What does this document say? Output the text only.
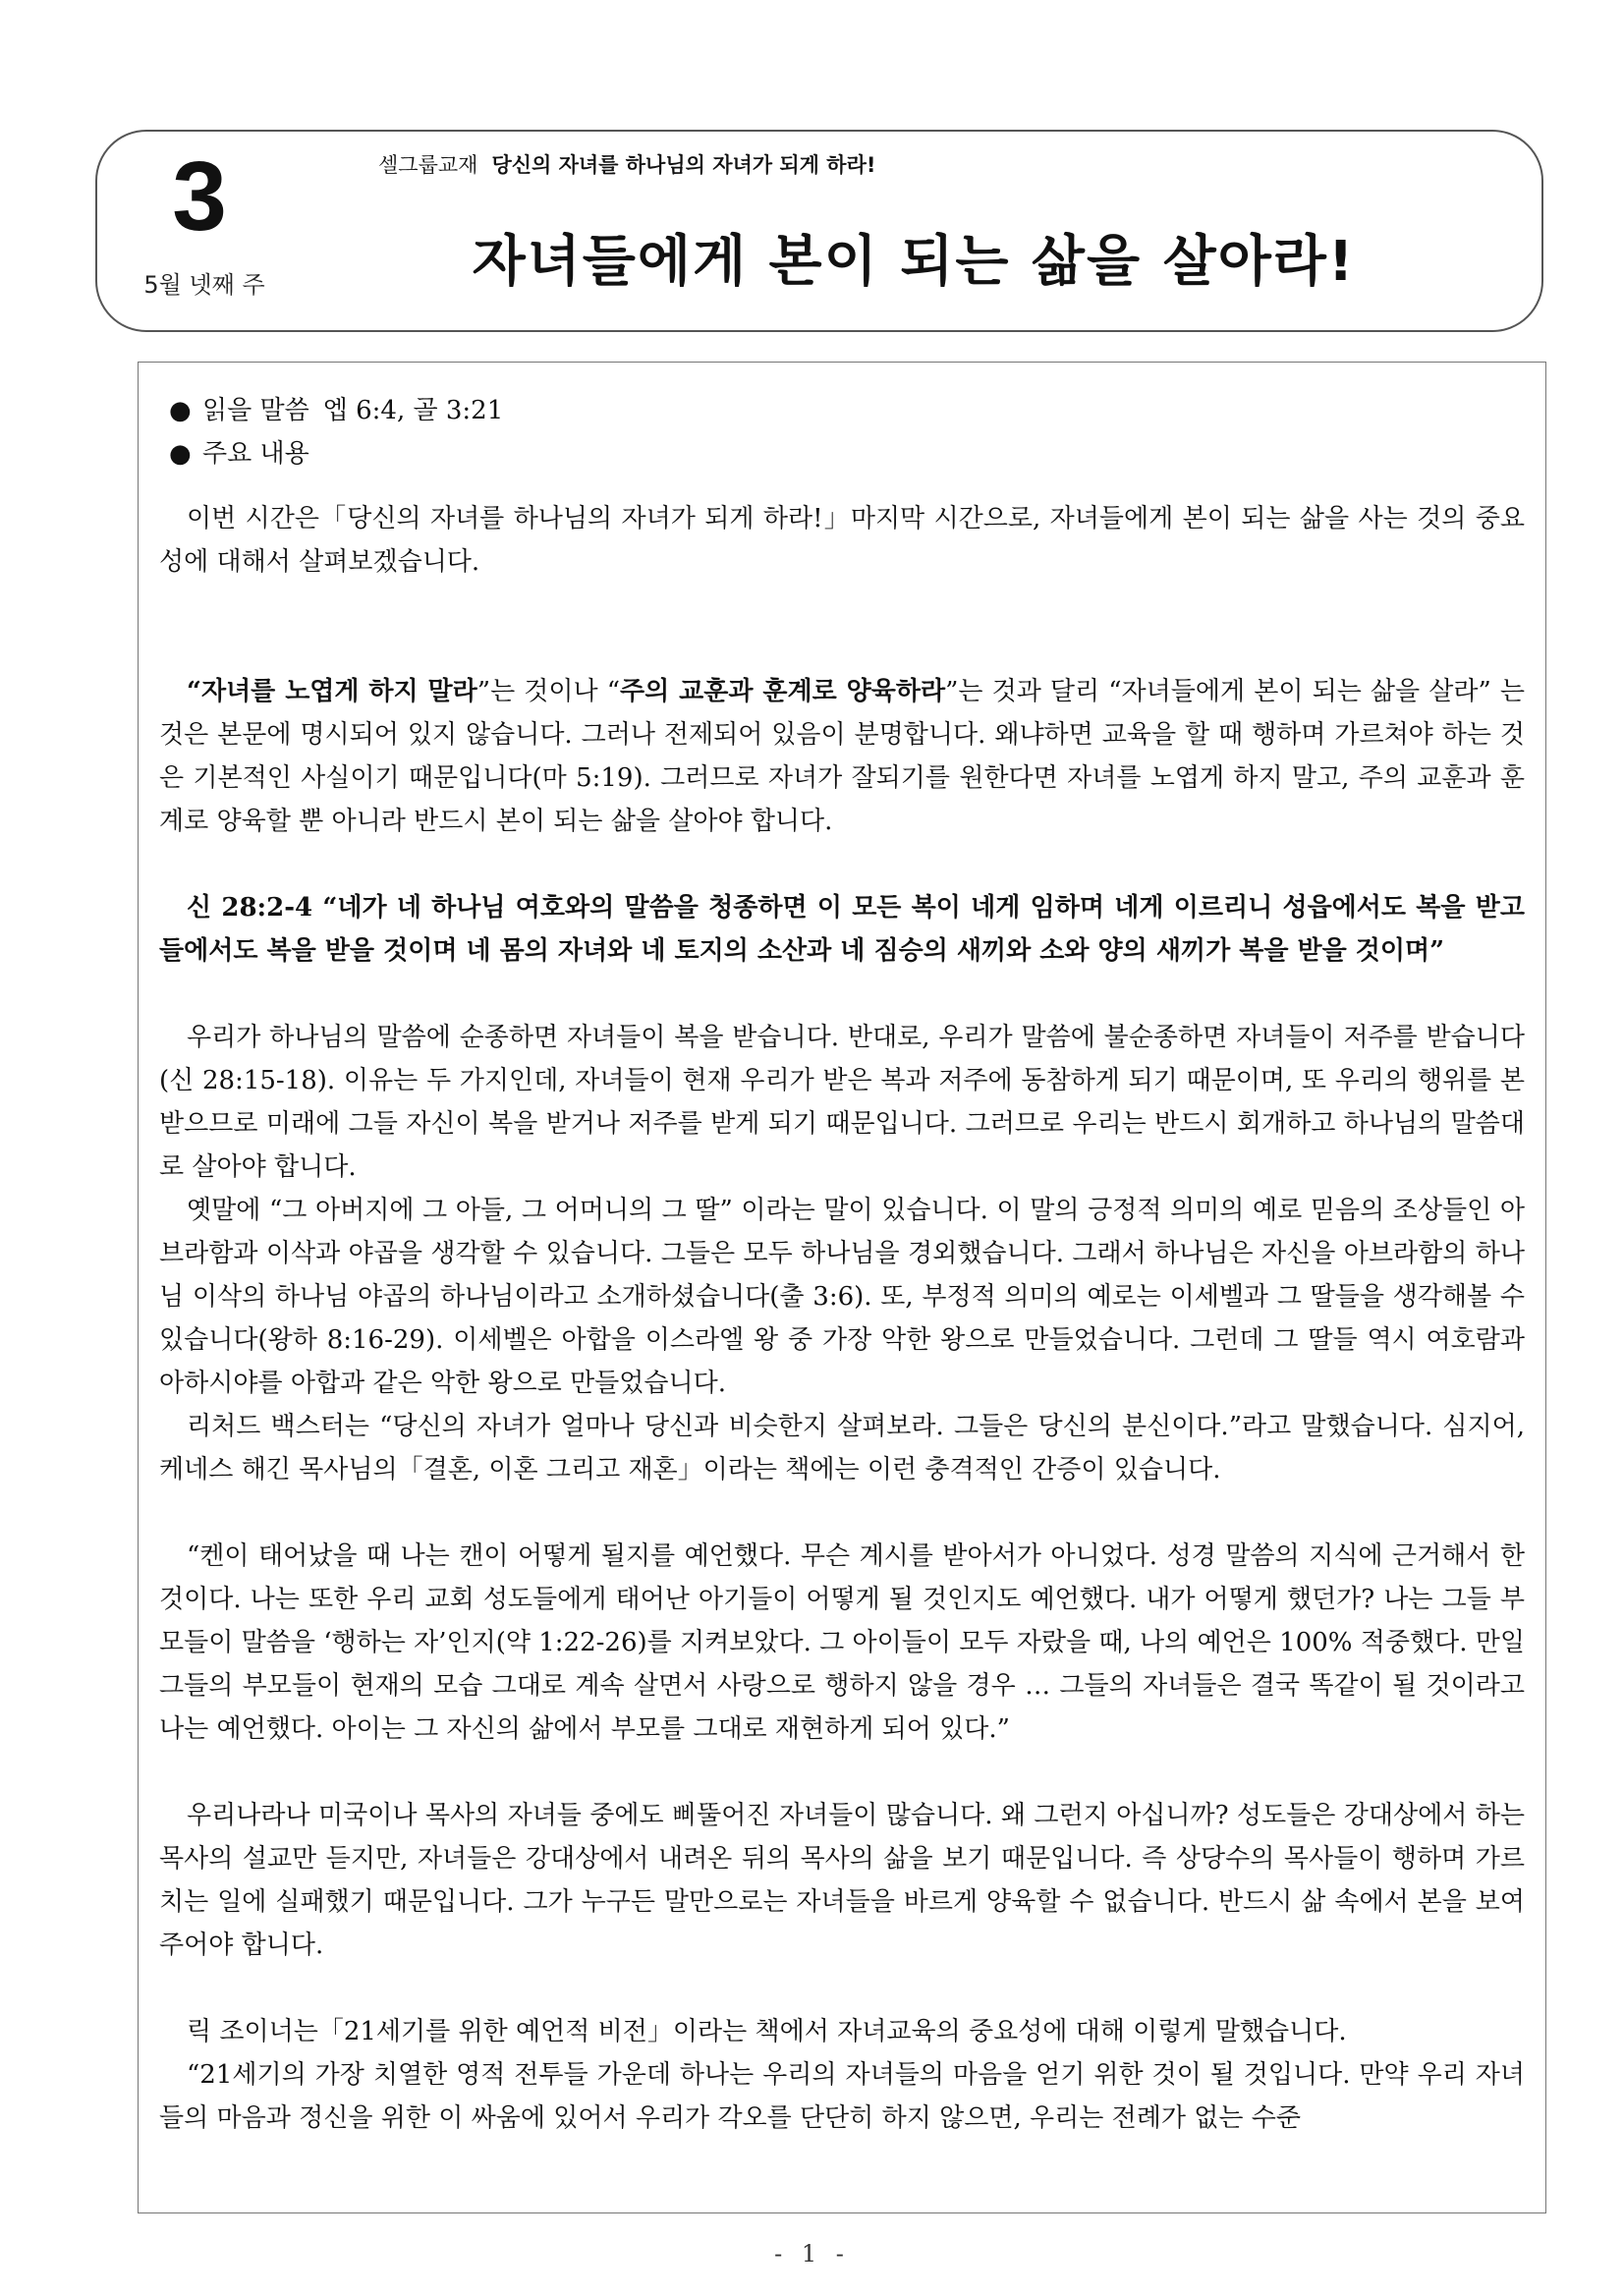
3
5월 넷째 주
셀그룹교재 당신의 자녀를 하나님의 자녀가 되게 하라!
자녀들에게 본이 되는 삶을 살아라!
● 읽을 말씀 엡 6:4, 골 3:21
● 주요 내용

이번 시간은「당신의 자녀를 하나님의 자녀가 되게 하라!」마지막 시간으로, 자녀들에게 본이 되는 삶을 사는 것의 중요성에 대해서 살펴보겠습니다.

“자녀를 노엽게 하지 말라”는 것이나 “주의 교훈과 훈계로 양육하라”는 것과 달리 “자녀들에게 본이 되는 삶을 살라” 는 것은 본문에 명시되어 있지 않습니다. 그러나 전제되어 있음이 분명합니다. 왜냐하면 교육을 할 때 행하며 가르쳐야 하는 것은 기본적인 사실이기 때문입니다(마 5:19). 그러므로 자녀가 잘되기를 원한다면 자녀를 노엽게 하지 말고, 주의 교훈과 훈계로 양육할 뿐 아니라 반드시 본이 되는 삶을 살아야 합니다.

신 28:2-4 “네가 네 하나님 여호와의 말씀을 청종하면 이 모든 복이 네게 임하며 네게 이르리니 성읍에서도 복을 받고 들에서도 복을 받을 것이며 네 몸의 자녀와 네 토지의 소산과 네 짐승의 새끼와 소와 양의 새끼가 복을 받을 것이며”

우리가 하나님의 말씀에 순종하면 자녀들이 복을 받습니다. 반대로, 우리가 말씀에 불순종하면 자녀들이 저주를 받습니다(신 28:15-18). 이유는 두 가지인데, 자녀들이 현재 우리가 받은 복과 저주에 동참하게 되기 때문이며, 또 우리의 행위를 본받으므로 미래에 그들 자신이 복을 받거나 저주를 받게 되기 때문입니다. 그러므로 우리는 반드시 회개하고 하나님의 말씀대로 살아야 합니다.

옛말에 “그 아버지에 그 아들, 그 어머니의 그 딸” 이라는 말이 있습니다. 이 말의 긍정적 의미의 예로 믿음의 조상들인 아브라함과 이삭과 야곱을 생각할 수 있습니다. 그들은 모두 하나님을 경외했습니다. 그래서 하나님은 자신을 아브라함의 하나님 이삭의 하나님 야곱의 하나님이라고 소개하셨습니다(출 3:6). 또, 부정적 의미의 예로는 이세벨과 그 딸들을 생각해볼 수 있습니다(왕하 8:16-29). 이세벨은 아합을 이스라엘 왕 중 가장 악한 왕으로 만들었습니다. 그런데 그 딸들 역시 여호람과 아하시야를 아합과 같은 악한 왕으로 만들었습니다.

리처드 백스터는 “당신의 자녀가 얼마나 당신과 비슷한지 살펴보라. 그들은 당신의 분신이다.”라고 말했습니다. 심지어, 케네스 해긴 목사님의「결혼, 이혼 그리고 재혼」이라는 책에는 이런 충격적인 간증이 있습니다.

“켄이 태어났을 때 나는 캔이 어떻게 될지를 예언했다. 무슨 계시를 받아서가 아니었다. 성경 말씀의 지식에 근거해서 한 것이다. 나는 또한 우리 교회 성도들에게 태어난 아기들이 어떻게 될 것인지도 예언했다. 내가 어떻게 했던가? 나는 그들 부모들이 말씀을 ‘행하는 자’인지(약 1:22-26)를 지켜보았다. 그 아이들이 모두 자랐을 때, 나의 예언은 100% 적중했다. 만일 그들의 부모들이 현재의 모습 그대로 계속 살면서 사랑으로 행하지 않을 경우 … 그들의 자녀들은 결국 똑같이 될 것이라고 나는 예언했다. 아이는 그 자신의 삶에서 부모를 그대로 재현하게 되어 있다.”

우리나라나 미국이나 목사의 자녀들 중에도 삐뚤어진 자녀들이 많습니다. 왜 그런지 아십니까? 성도들은 강대상에서 하는 목사의 설교만 듣지만, 자녀들은 강대상에서 내려온 뒤의 목사의 삶을 보기 때문입니다. 즉 상당수의 목사들이 행하며 가르치는 일에 실패했기 때문입니다. 그가 누구든 말만으로는 자녀들을 바르게 양육할 수 없습니다. 반드시 삶 속에서 본을 보여주어야 합니다.

릭 조이너는「21세기를 위한 예언적 비전」이라는 책에서 자녀교육의 중요성에 대해 이렇게 말했습니다.

“21세기의 가장 치열한 영적 전투들 가운데 하나는 우리의 자녀들의 마음을 얻기 위한 것이 될 것입니다. 만약 우리 자녀들의 마음과 정신을 위한 이 싸움에 있어서 우리가 각오를 단단히 하지 않으면, 우리는 전례가 없는 수준

- 1 -
